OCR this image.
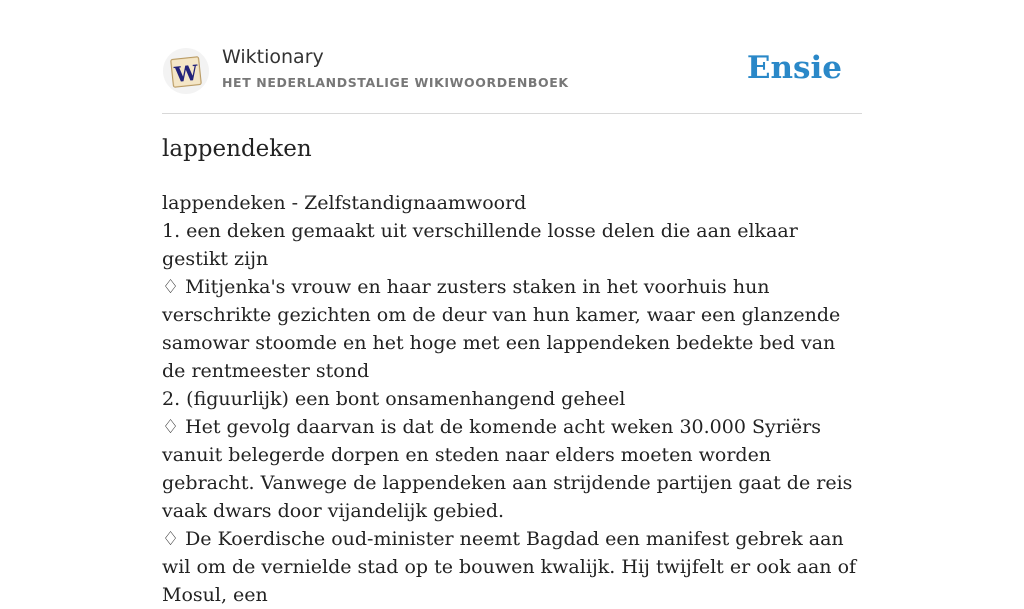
W
Wiktionary
HET NEDERLANDSTALIGE WIKIWOORDENBOEK	Ensie
lappendeken

lappendeken - Zelfstandignaamwoord

1. een deken gemaakt uit verschillende losse delen die aan elkaar gestikt zijn

♢ Mitjenka's vrouw en haar zusters staken in het voorhuis hun verschrikte gezichten om de deur van hun kamer, waar een glanzende samowar stoomde en het hoge met een lappendeken bedekte bed van de rentmeester stond

2. (figuurlijk) een bont onsamenhangend geheel

♢ Het gevolg daarvan is dat de komende acht weken 30.000 Syriërs vanuit belegerde dorpen en steden naar elders moeten worden gebracht. Vanwege de lappendeken aan strijdende partijen gaat de reis vaak dwars door vijandelijk gebied.

♢ De Koerdische oud-minister neemt Bagdad een manifest gebrek aan wil om de vernielde stad op te bouwen kwalijk. Hij twijfelt er ook aan of Mosul, een
